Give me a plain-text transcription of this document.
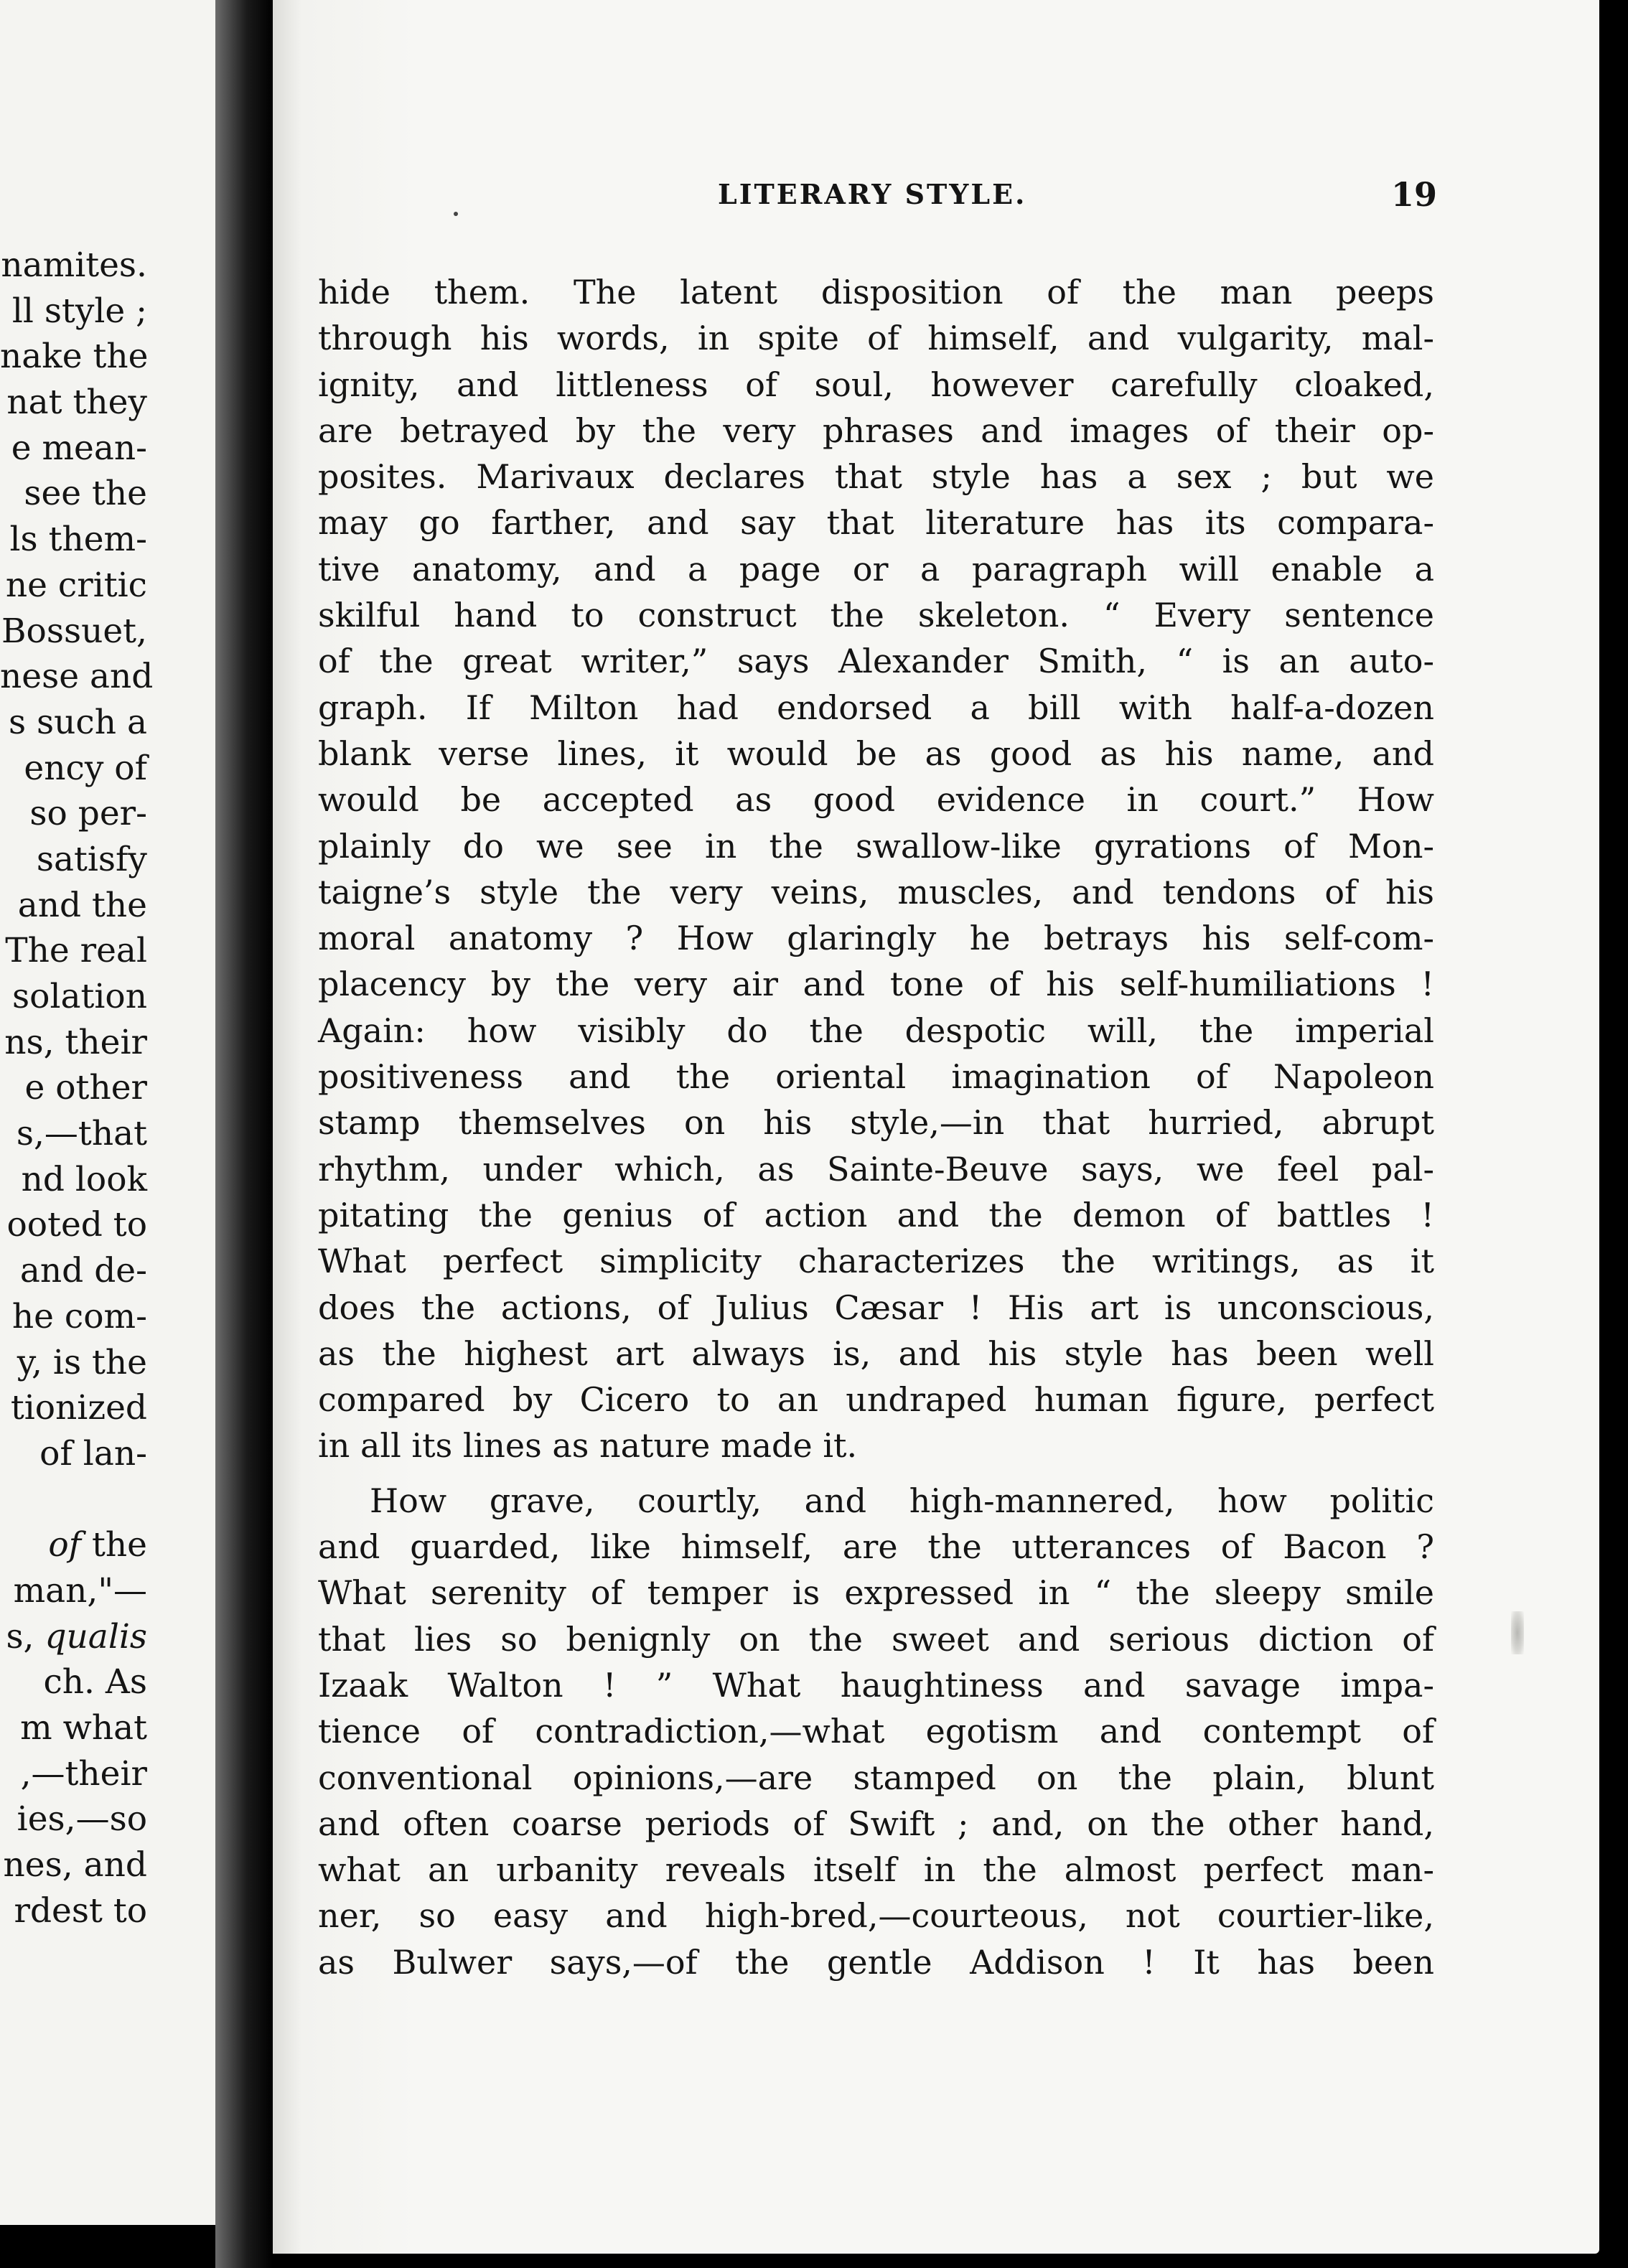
namites.
ll style ;
nake the
nat they
e mean-
see the
ls them-
ne critic
Bossuet,
nese and
s such a
ency of
so per-
satisfy
and the
The real
solation
ns, their
e other
s,—that
nd look
ooted to
and de-
he com-
y, is the
tionized
of lan-
of the
man,"—
s, qualis
ch. As
m what
,—their
ies,—so
nes, and
rdest to
LITERARY STYLE.	19
hide them. The latent disposition of the man peeps
through his words, in spite of himself, and vulgarity, mal-
ignity, and littleness of soul, however carefully cloaked,
are betrayed by the very phrases and images of their op-
posites. Marivaux declares that style has a sex ; but we
may go farther, and say that literature has its compara-
tive anatomy, and a page or a paragraph will enable a
skilful hand to construct the skeleton. “ Every sentence
of the great writer,” says Alexander Smith, “ is an auto-
graph. If Milton had endorsed a bill with half-a-dozen
blank verse lines, it would be as good as his name, and
would be accepted as good evidence in court.” How
plainly do we see in the swallow-like gyrations of Mon-
taigne’s style the very veins, muscles, and tendons of his
moral anatomy ? How glaringly he betrays his self-com-
placency by the very air and tone of his self-humiliations !
Again: how visibly do the despotic will, the imperial
positiveness and the oriental imagination of Napoleon
stamp themselves on his style,—in that hurried, abrupt
rhythm, under which, as Sainte-Beuve says, we feel pal-
pitating the genius of action and the demon of battles !
What perfect simplicity characterizes the writings, as it
does the actions, of Julius Cæsar ! His art is unconscious,
as the highest art always is, and his style has been well
compared by Cicero to an undraped human figure, perfect
in all its lines as nature made it.
How grave, courtly, and high-mannered, how politic
and guarded, like himself, are the utterances of Bacon ?
What serenity of temper is expressed in “ the sleepy smile
that lies so benignly on the sweet and serious diction of
Izaak Walton ! ” What haughtiness and savage impa-
tience of contradiction,—what egotism and contempt of
conventional opinions,—are stamped on the plain, blunt
and often coarse periods of Swift ; and, on the other hand,
what an urbanity reveals itself in the almost perfect man-
ner, so easy and high-bred,—courteous, not courtier-like,
as Bulwer says,—of the gentle Addison ! It has been
